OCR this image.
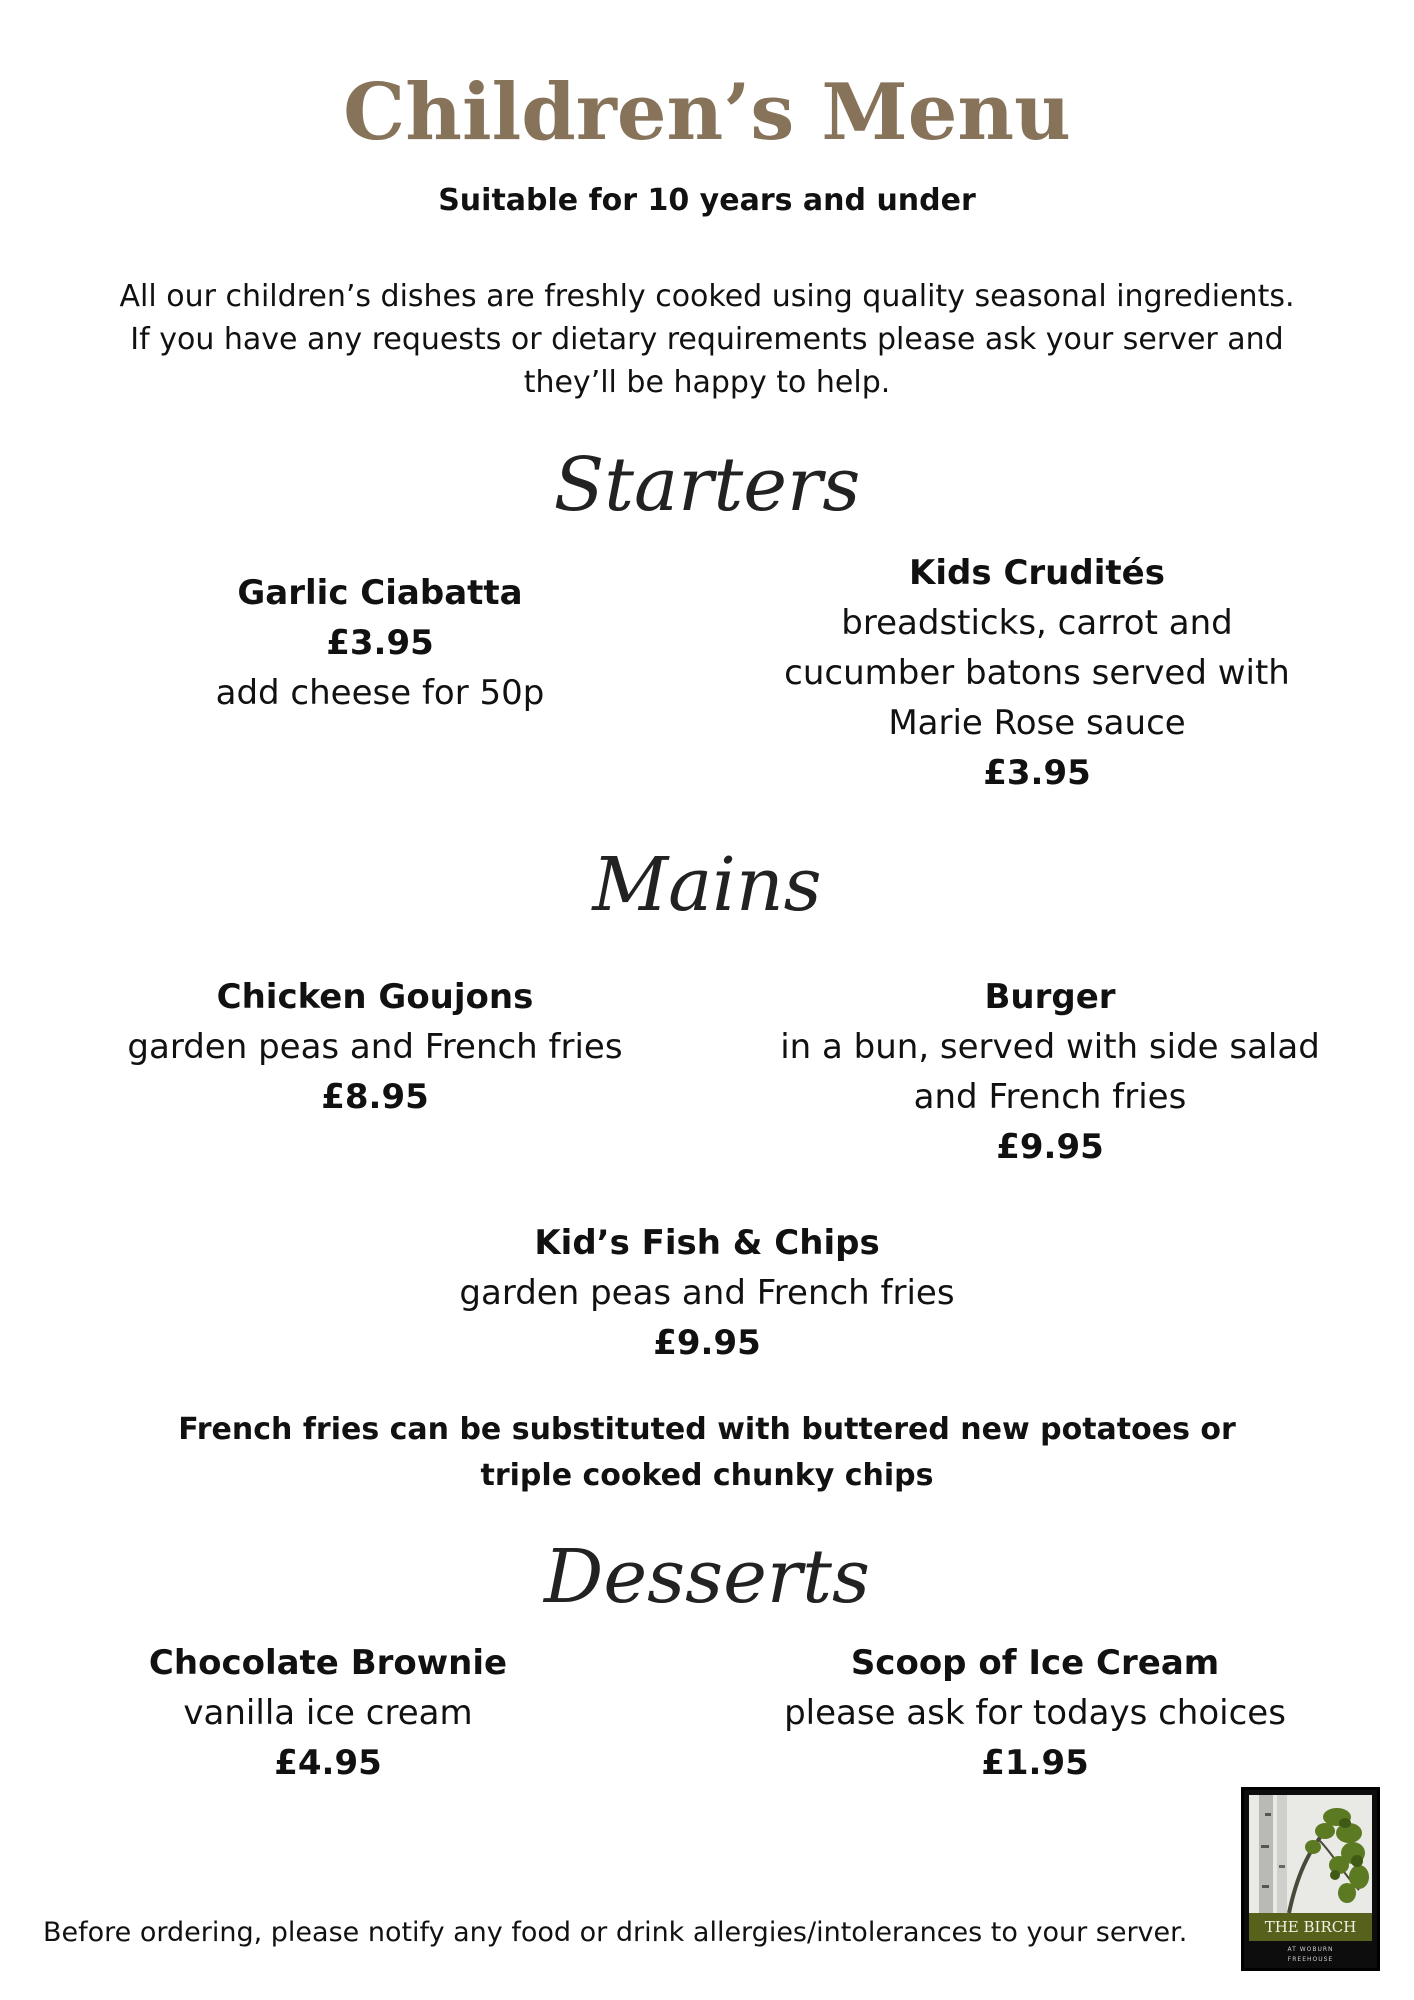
Children’s Menu
Suitable for 10 years and under
All our children’s dishes are freshly cooked using quality seasonal ingredients.
If you have any requests or dietary requirements please ask your server and
they’ll be happy to help.
Starters
Garlic Ciabatta
£3.95
add cheese for 50p
Kids Crudités
breadsticks, carrot and
cucumber batons served with
Marie Rose sauce
£3.95
Mains
Chicken Goujons
garden peas and French fries
£8.95
Burger
in a bun, served with side salad
and French fries
£9.95
Kid’s Fish & Chips
garden peas and French fries
£9.95
French fries can be substituted with buttered new potatoes or
triple cooked chunky chips
Desserts
Chocolate Brownie
vanilla ice cream
£4.95
Scoop of Ice Cream
please ask for todays choices
£1.95
Before ordering, please notify any food or drink allergies/intolerances to your server.	THE BIRCH
AT WOBURN
FREEHOUSE
